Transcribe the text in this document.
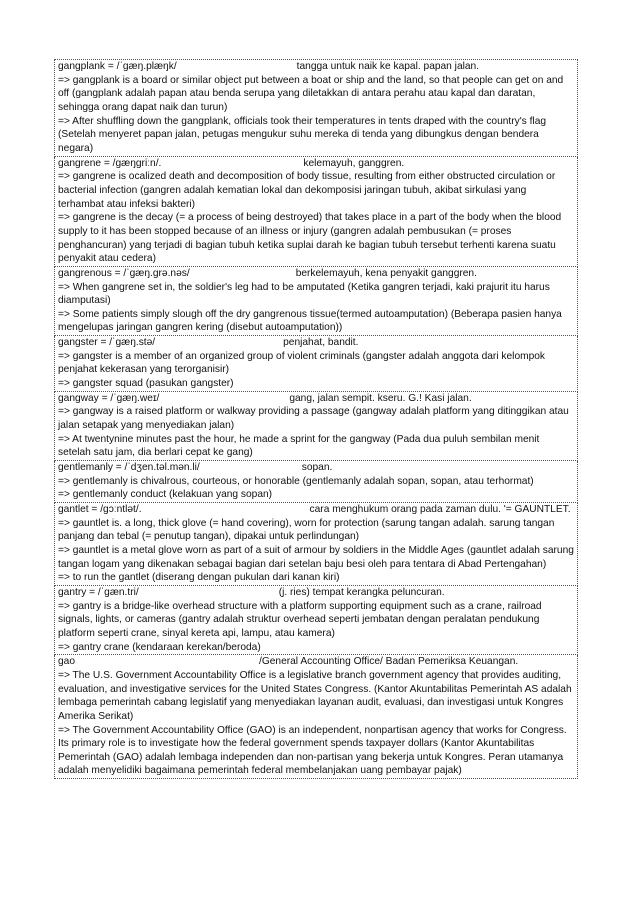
gangplank = /ˈɡæŋ.plæŋk/	tangga untuk naik ke kapal. papan jalan.
=> gangplank is a board or similar object put between a boat or ship and the land, so that people can get on and off (gangplank adalah papan atau benda serupa yang diletakkan di antara perahu atau kapal dan daratan, sehingga orang dapat naik dan turun)
=> After shuffling down the gangplank, officials took their temperatures in tents draped with the country's flag (Setelah menyeret papan jalan, petugas mengukur suhu mereka di tenda yang dibungkus dengan bendera negara)
gangrene = /ɡæŋɡriːn/.	kelemayuh, ganggren.
=> gangrene is ocalized death and decomposition of body tissue, resulting from either obstructed circulation or bacterial infection (gangren adalah kematian lokal dan dekomposisi jaringan tubuh, akibat sirkulasi yang terhambat atau infeksi bakteri)
=> gangrene is the decay (= a process of being destroyed) that takes place in a part of the body when the blood supply to it has been stopped because of an illness or injury (gangren adalah pembusukan (= proses penghancuran) yang terjadi di bagian tubuh ketika suplai darah ke bagian tubuh tersebut terhenti karena suatu penyakit atau cedera)
gangrenous = /ˈɡæŋ.ɡrə.nəs/	berkelemayuh, kena penyakit ganggren.
=> When gangrene set in, the soldier's leg had to be amputated (Ketika gangren terjadi, kaki prajurit itu harus diamputasi)
=> Some patients simply slough off the dry gangrenous tissue(termed autoamputation) (Beberapa pasien hanya mengelupas jaringan gangren kering (disebut autoamputation))
gangster = /ˈɡæŋ.stə/	penjahat, bandit.
=> gangster is a member of an organized group of violent criminals (gangster adalah anggota dari kelompok penjahat kekerasan yang terorganisir)
=> gangster squad (pasukan gangster)
gangway = /ˈɡæŋ.weɪ/	gang, jalan sempit. kseru. G.! Kasi jalan.
=> gangway is a raised platform or walkway providing a passage (gangway adalah platform yang ditinggikan atau jalan setapak yang menyediakan jalan)
=> At twentynine minutes past the hour, he made a sprint for the gangway (Pada dua puluh sembilan menit setelah satu jam, dia berlari cepat ke gang)
gentlemanly = /ˈdʒen.təl.mən.li/	sopan.
=> gentlemanly is chivalrous, courteous, or honorable (gentlemanly adalah sopan, sopan, atau terhormat)
=> gentlemanly conduct (kelakuan yang sopan)
gantlet = /ɡɔːntlət/.	cara menghukum orang pada zaman dulu. '= GAUNTLET.
=> gauntlet is. a long, thick glove (= hand covering), worn for protection (sarung tangan adalah. sarung tangan panjang dan tebal (= penutup tangan), dipakai untuk perlindungan)
=> gauntlet is a metal glove worn as part of a suit of armour by soldiers in the Middle Ages (gauntlet adalah sarung tangan logam yang dikenakan sebagai bagian dari setelan baju besi oleh para tentara di Abad Pertengahan)
=> to run the gantlet (diserang dengan pukulan dari kanan kiri)
gantry = /ˈɡæn.tri/	(j. ries) tempat kerangka peluncuran.
=> gantry is a bridge-like overhead structure with a platform supporting equipment such as a crane, railroad signals, lights, or cameras (gantry adalah struktur overhead seperti jembatan dengan peralatan pendukung platform seperti crane, sinyal kereta api, lampu, atau kamera)
=> gantry crane (kendaraan kerekan/beroda)
gao	/General Accounting Office/ Badan Pemeriksa Keuangan.
=> The U.S. Government Accountability Office is a legislative branch government agency that provides auditing, evaluation, and investigative services for the United States Congress. (Kantor Akuntabilitas Pemerintah AS adalah lembaga pemerintah cabang legislatif yang menyediakan layanan audit, evaluasi, dan investigasi untuk Kongres Amerika Serikat)
=> The Government Accountability Office (GAO) is an independent, nonpartisan agency that works for Congress. Its primary role is to investigate how the federal government spends taxpayer dollars (Kantor Akuntabilitas Pemerintah (GAO) adalah lembaga independen dan non-partisan yang bekerja untuk Kongres. Peran utamanya adalah menyelidiki bagaimana pemerintah federal membelanjakan uang pembayar pajak)
